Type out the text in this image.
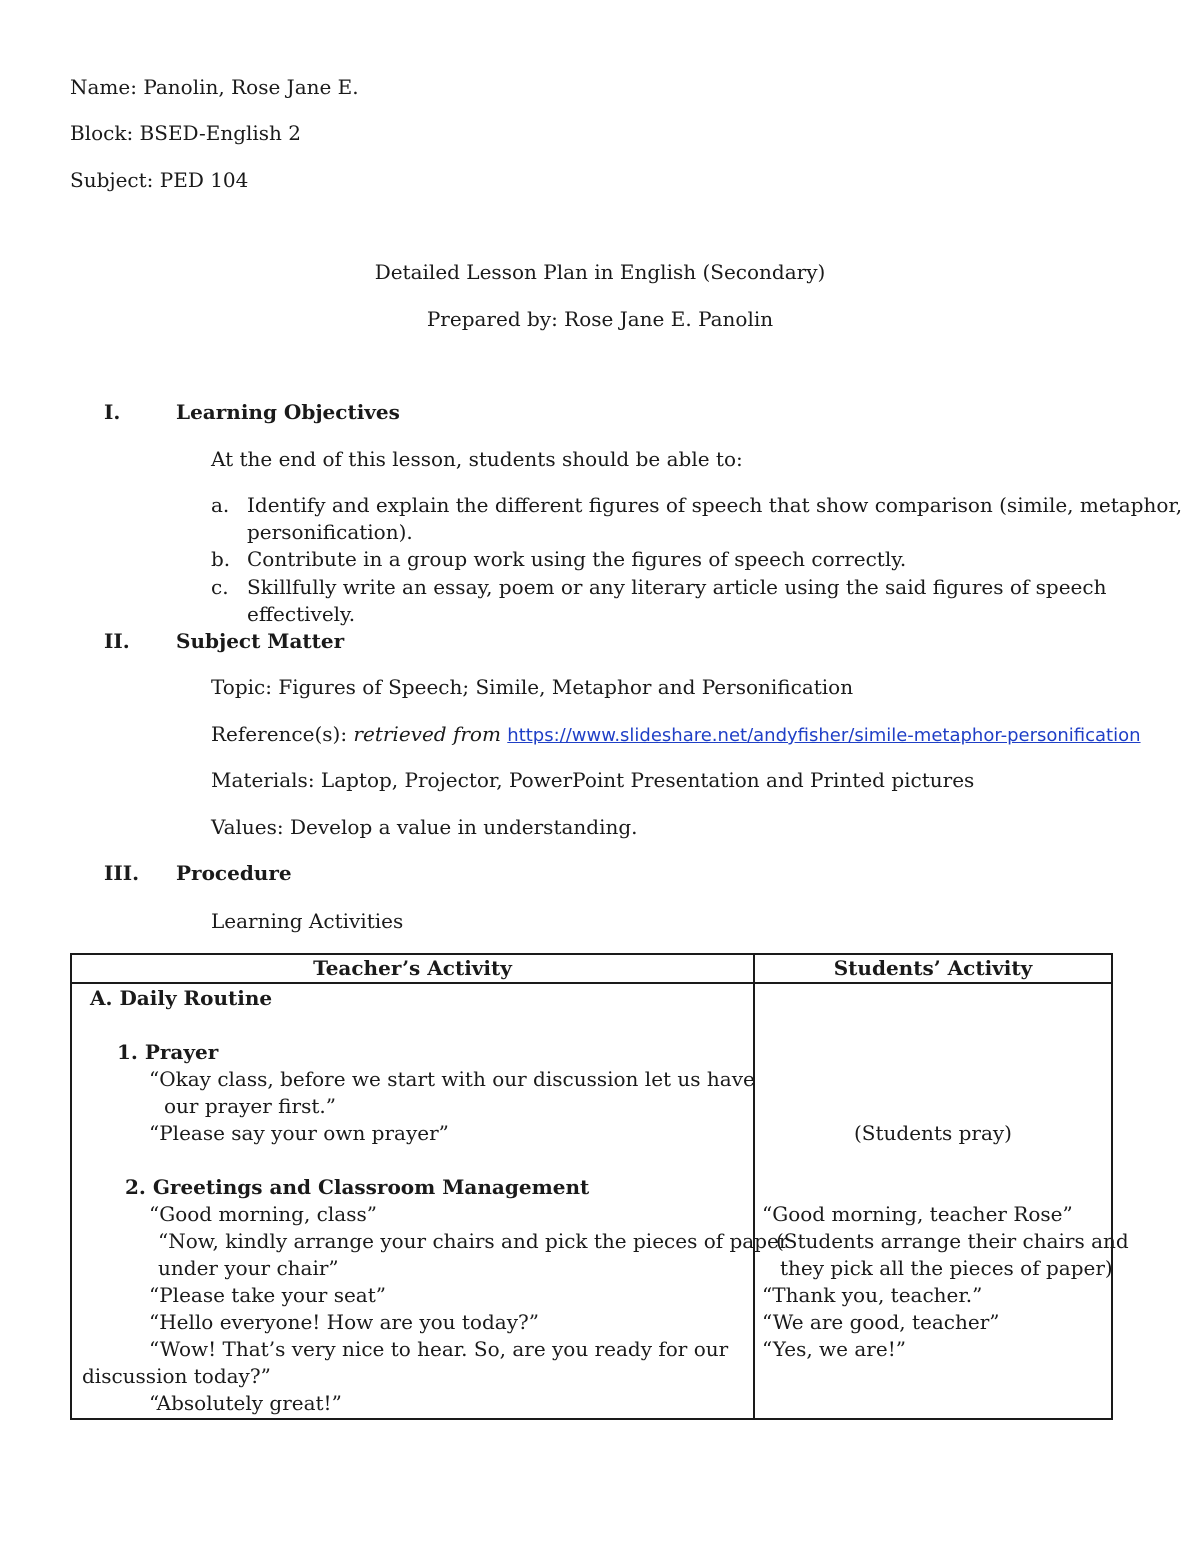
Name: Panolin, Rose Jane E.
Block: BSED-English 2
Subject: PED 104
Detailed Lesson Plan in English (Secondary)
Prepared by: Rose Jane E. Panolin
I.	Learning Objectives
At the end of this lesson, students should be able to:
a. Identify and explain the different figures of speech that show comparison (simile, metaphor,
personification).
b. Contribute in a group work using the figures of speech correctly.
c. Skillfully write an essay, poem or any literary article using the said figures of speech
effectively.
II. Subject Matter
Topic: Figures of Speech; Simile, Metaphor and Personification
Reference(s): retrieved from https://www.slideshare.net/andyfisher/simile-metaphor-personification
Materials: Laptop, Projector, PowerPoint Presentation and Printed pictures
Values: Develop a value in understanding.
III. Procedure
Learning Activities
Teacher’s Activity	Students’ Activity
A. Daily Routine
1. Prayer
“Okay class, before we start with our discussion let us have
our prayer first.”
“Please say your own prayer”
2. Greetings and Classroom Management
“Good morning, class”
“Now, kindly arrange your chairs and pick the pieces of paper
under your chair”
“Please take your seat”
“Hello everyone! How are you today?”
“Wow! That’s very nice to hear. So, are you ready for our
discussion today?”
“Absolutely great!”
(Students pray)
“Good morning, teacher Rose”
(Students arrange their chairs and
they pick all the pieces of paper)
“Thank you, teacher.”
“We are good, teacher”
“Yes, we are!”
